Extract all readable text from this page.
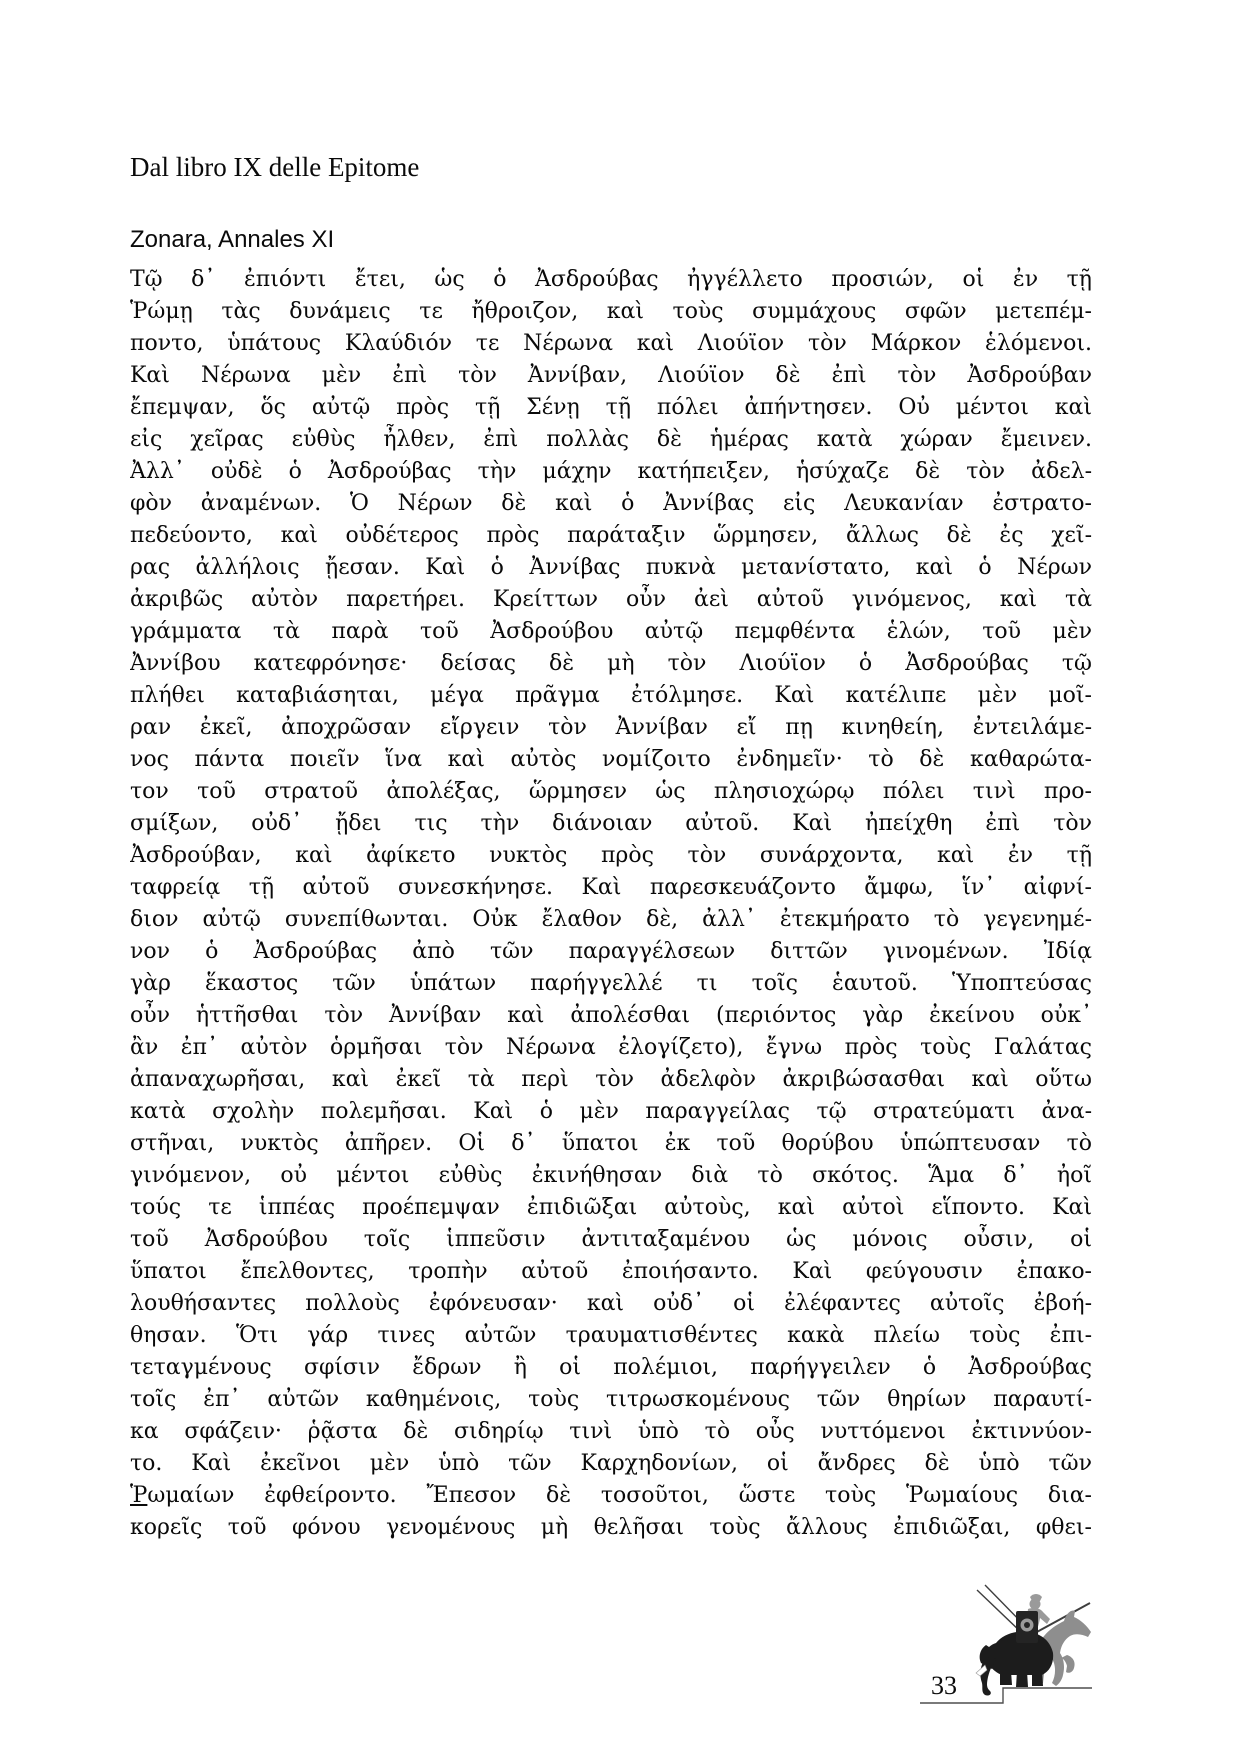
Dal libro IX delle Epitome
Zonara, Annales XI
Τῷ δ᾽ ἐπιόντι ἔτει, ὡς ὁ Ἀσδρούβας ἠγγέλλετο προσιών, οἱ ἐν τῇ
Ῥώμῃ τὰς δυνάμεις τε ἤθροιζον, καὶ τοὺς συμμάχους σφῶν μετεπέμ-
ποντο, ὑπάτους Κλαύδιόν τε Νέρωνα καὶ Λιούϊον τὸν Μάρκον ἑλόμενοι.
Καὶ Νέρωνα μὲν ἐπὶ τὸν Ἀννίβαν, Λιούϊον δὲ ἐπὶ τὸν Ἀσδρούβαν
ἔπεμψαν, ὅς αὐτῷ πρὸς τῇ Σένῃ τῇ πόλει ἀπήντησεν. Οὐ μέντοι καὶ
εἰς χεῖρας εὐθὺς ἦλθεν, ἐπὶ πολλὰς δὲ ἡμέρας κατὰ χώραν ἔμεινεν.
Ἀλλ᾽ οὐδὲ ὁ Ἀσδρούβας τὴν μάχην κατήπειξεν, ἡσύχαζε δὲ τὸν ἀδελ-
φὸν ἀναμένων. Ὁ Νέρων δὲ καὶ ὁ Ἀννίβας εἰς Λευκανίαν ἐστρατο-
πεδεύοντο, καὶ οὐδέτερος πρὸς παράταξιν ὥρμησεν, ἄλλως δὲ ἐς χεῖ-
ρας ἀλλήλοις ᾔεσαν. Καὶ ὁ Ἀννίβας πυκνὰ μετανίστατο, καὶ ὁ Νέρων
ἀκριβῶς αὐτὸν παρετήρει. Κρείττων οὖν ἀεὶ αὐτοῦ γινόμενος, καὶ τὰ
γράμματα τὰ παρὰ τοῦ Ἀσδρούβου αὐτῷ πεμφθέντα ἑλών, τοῦ μὲν
Ἀννίβου κατεφρόνησε· δείσας δὲ μὴ τὸν Λιούϊον ὁ Ἀσδρούβας τῷ
πλήθει καταβιάσηται, μέγα πρᾶγμα ἐτόλμησε. Καὶ κατέλιπε μὲν μοῖ-
ραν ἐκεῖ, ἀποχρῶσαν εἴργειν τὸν Ἀννίβαν εἴ πῃ κινηθείη, ἐντειλάμε-
νος πάντα ποιεῖν ἵνα καὶ αὐτὸς νομίζοιτο ἐνδημεῖν· τὸ δὲ καθαρώτα-
τον τοῦ στρατοῦ ἀπολέξας, ὥρμησεν ὡς πλησιοχώρῳ πόλει τινὶ προ-
σμίξων, οὐδ᾽ ᾔδει τις τὴν διάνοιαν αὐτοῦ. Καὶ ἠπείχθη ἐπὶ τὸν
Ἀσδρούβαν, καὶ ἀφίκετο νυκτὸς πρὸς τὸν συνάρχοντα, καὶ ἐν τῇ
ταφρείᾳ τῇ αὐτοῦ συνεσκήνησε. Καὶ παρεσκευάζοντο ἄμφω, ἵν᾽ αἰφνί-
διον αὐτῷ συνεπίθωνται. Οὐκ ἔλαθον δὲ, ἀλλ᾽ ἐτεκμήρατο τὸ γεγενημέ-
νον ὁ Ἀσδρούβας ἀπὸ τῶν παραγγέλσεων διττῶν γινομένων. Ἰδίᾳ
γὰρ ἕκαστος τῶν ὑπάτων παρήγγελλέ τι τοῖς ἑαυτοῦ. Ὑποπτεύσας
οὖν ἡττῆσθαι τὸν Ἀννίβαν καὶ ἀπολέσθαι (περιόντος γὰρ ἐκείνου οὐκ᾽
ἂν ἐπ᾽ αὐτὸν ὁρμῆσαι τὸν Νέρωνα ἐλογίζετο), ἔγνω πρὸς τοὺς Γαλάτας
ἀπαναχωρῆσαι, καὶ ἐκεῖ τὰ περὶ τὸν ἀδελφὸν ἀκριβώσασθαι καὶ οὕτω
κατὰ σχολὴν πολεμῆσαι. Καὶ ὁ μὲν παραγγείλας τῷ στρατεύματι ἀνα-
στῆναι, νυκτὸς ἀπῆρεν. Οἱ δ᾽ ὕπατοι ἐκ τοῦ θορύβου ὑπώπτευσαν τὸ
γινόμενον, οὐ μέντοι εὐθὺς ἐκινήθησαν διὰ τὸ σκότος. Ἅμα δ᾽ ἠοῖ
τούς τε ἱππέας προέπεμψαν ἐπιδιῶξαι αὐτοὺς, καὶ αὐτοὶ εἵποντο. Καὶ
τοῦ Ἀσδρούβου τοῖς ἱππεῦσιν ἀντιταξαμένου ὡς μόνοις οὖσιν, οἱ
ὕπατοι ἔπελθοντες, τροπὴν αὐτοῦ ἐποιήσαντο. Καὶ φεύγουσιν ἐπακο-
λουθήσαντες πολλοὺς ἐφόνευσαν· καὶ οὐδ᾽ οἱ ἐλέφαντες αὐτοῖς ἐβοή-
θησαν. Ὅτι γάρ τινες αὐτῶν τραυματισθέντες κακὰ πλείω τοὺς ἐπι-
τεταγμένους σφίσιν ἔδρων ἢ οἱ πολέμιοι, παρήγγειλεν ὁ Ἀσδρούβας
τοῖς ἐπ᾽ αὐτῶν καθημένοις, τοὺς τιτρωσκομένους τῶν θηρίων παραυτί-
κα σφάζειν· ῥᾷστα δὲ σιδηρίῳ τινὶ ὑπὸ τὸ οὖς νυττόμενοι ἐκτιννύον-
το. Καὶ ἐκεῖνοι μὲν ὑπὸ τῶν Καρχηδονίων, οἱ ἄνδρες δὲ ὑπὸ τῶν
Ῥωμαίων ἐφθείροντο. Ἔπεσον δὲ τοσοῦτοι, ὥστε τοὺς Ῥωμαίους δια-
κορεῖς τοῦ φόνου γενομένους μὴ θελῆσαι τοὺς ἄλλους ἐπιδιῶξαι, φθει-
33
